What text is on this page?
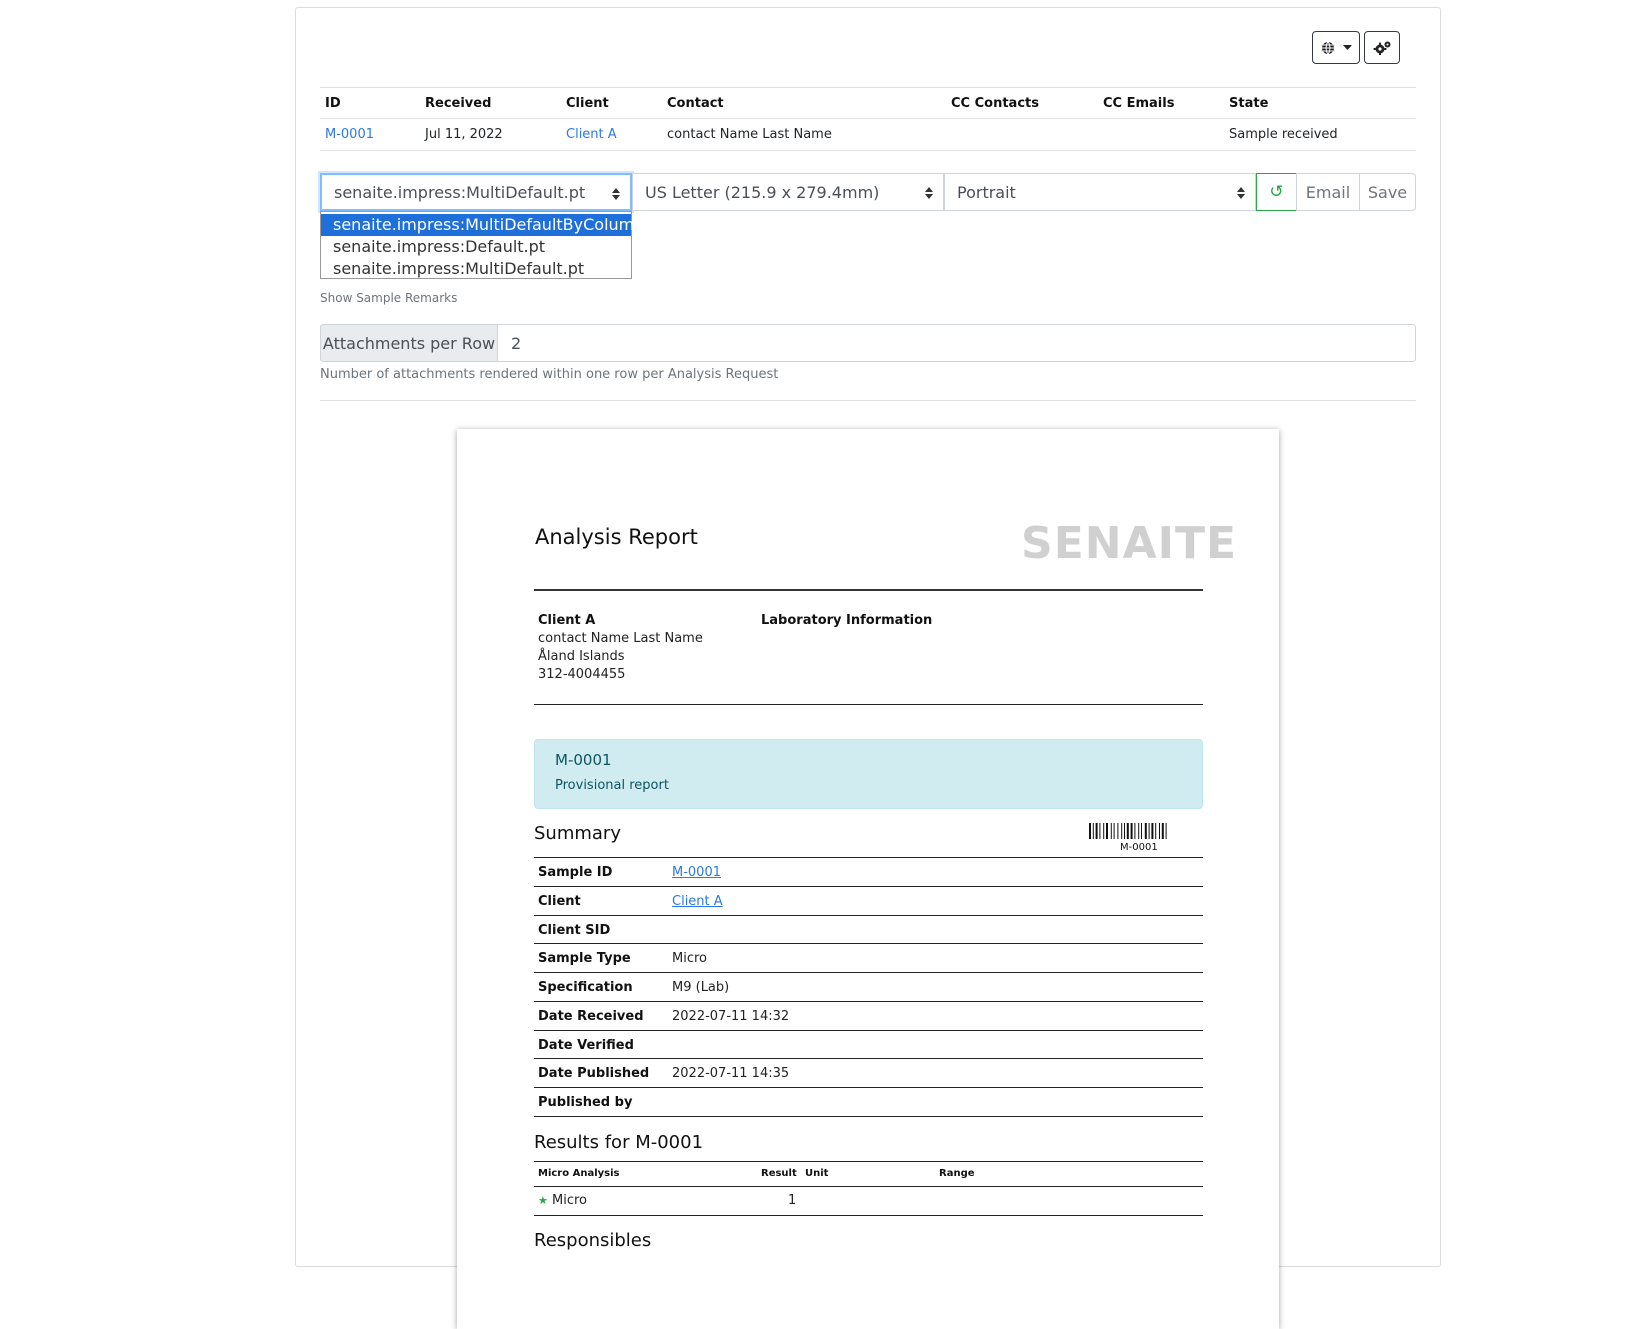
ID	Received	Client	Contact	CC Contacts	CC Emails	State
M-0001	Jul 11, 2022	Client A	contact Name Last Name			Sample received
senaite.impress:MultiDefault.pt	US Letter (215.9 x 279.4mm)	Portrait	↺	Email	Save
senaite.impress:MultiDefaultByColumn.pt
senaite.impress:Default.pt
senaite.impress:MultiDefault.pt
Show Sample Remarks
Attachments per Row 2
Number of attachments rendered within one row per Analysis Request
Analysis Report	SENAITE
Client A
contact Name Last Name
Åland Islands
312-4004455
Laboratory Information
M-0001
Provisional report
Summary
M-0001
Sample ID	M-0001
Client	Client A
Client SID
Sample Type	Micro
Specification	M9 (Lab)
Date Received 2022-07-11 14:32
Date Verified
Date Published 2022-07-11 14:35
Published by
Results for M-0001
Micro Analysis	Result Unit	Range
★ Micro	1
Responsibles
